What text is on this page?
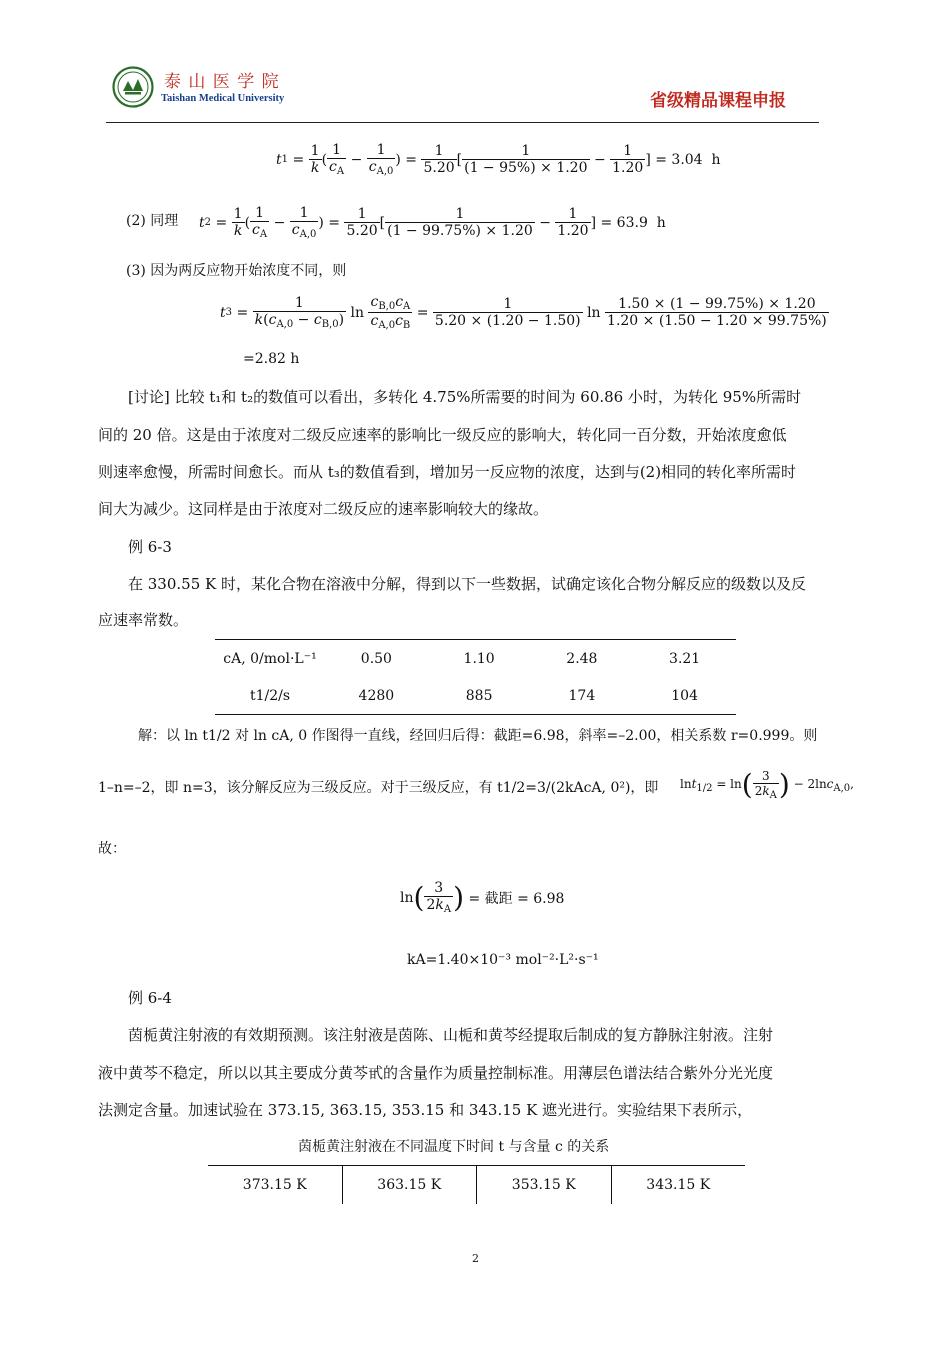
泰 山 医 学 院
Taishan Medical University	省级精品课程申报
t $1 = \frac{1}{k}$ ( $\frac{1}{c_A} - \frac{1}{c_{A,0}}$ ) = $\frac{1}{5.20}$ [ $\frac{1}{(1 - 95\%) \times 1.20} - \frac{1}{1.20}$ ] = 3.04
h
(2) 同理 t $2 = \frac{1}{k}$ ( $\frac{1}{c_A} - \frac{1}{c_{A,0}}$ ) = $\frac{1}{5.20}$ [ $\frac{1}{(1 - 99.75\%) \times 1.20} - \frac{1}{1.20}$ ] = 63.9
h
(3) 因为两反应物开始浓度不同，则
t $3 = \frac{1}{k(c_{A,0} - c_{B,0})}$ $\ln \frac{c_{B,0}c_A}{c_{A,0}c_B} = \frac{1}{5.20 \times (1.20 - 1.50)}$ $\ln \frac{1.50 \times (1 - 99.75\%) \times 1.20}{1.20 \times (1.50 - 1.20 \times 99.75\%)}$
=2.82 h
[讨论] 比较 t₁和 t₂的数值可以看出，多转化 4.75%所需要的时间为 60.86 小时，为转化 95%所需时
间的 20 倍。这是由于浓度对二级反应速率的影响比一级反应的影响大，转化同一百分数，开始浓度愈低
则速率愈慢，所需时间愈长。而从 t₃的数值看到，增加另一反应物的浓度，达到与(2)相同的转化率所需时
间大为减少。这同样是由于浓度对二级反应的速率影响较大的缘故。
例 6-3
在 330.55 K 时，某化合物在溶液中分解，得到以下一些数据，试确定该化合物分解反应的级数以及反
应速率常数。
cA, 0/mol·L⁻¹	0.50	1.10	2.48	3.21
t1/2/s	4280	885	174	104
解：以 ln t1/2 对 ln cA, 0 作图得一直线，经回归后得：截距=6.98，斜率=–2.00，相关系数 r=0.999。则
1–n=–2，即 n=3，该分解反应为三级反应。对于三级反应，有 t1/2=3/(2kAcA, 0²)，即 lnt$_{1/2}$ = ln ( $\frac{3}{2k_A}$ ) − 2lnc$_{A,0}$,
故：
ln ( $\frac{3}{2k_A}$ )
= 截距 = 6.98
kA=1.40×10⁻³ mol⁻²·L²·s⁻¹
例 6-4
茵栀黄注射液的有效期预测。该注射液是茵陈、山栀和黄芩经提取后制成的复方静脉注射液。注射
液中黄芩不稳定，所以以其主要成分黄芩甙的含量作为质量控制标准。用薄层色谱法结合紫外分光光度
法测定含量。加速试验在 373.15, 363.15, 353.15 和 343.15 K 遮光进行。实验结果下表所示，
茵栀黄注射液在不同温度下时间 t 与含量 c 的关系
373.15 K	363.15 K	353.15 K	343.15 K
2
